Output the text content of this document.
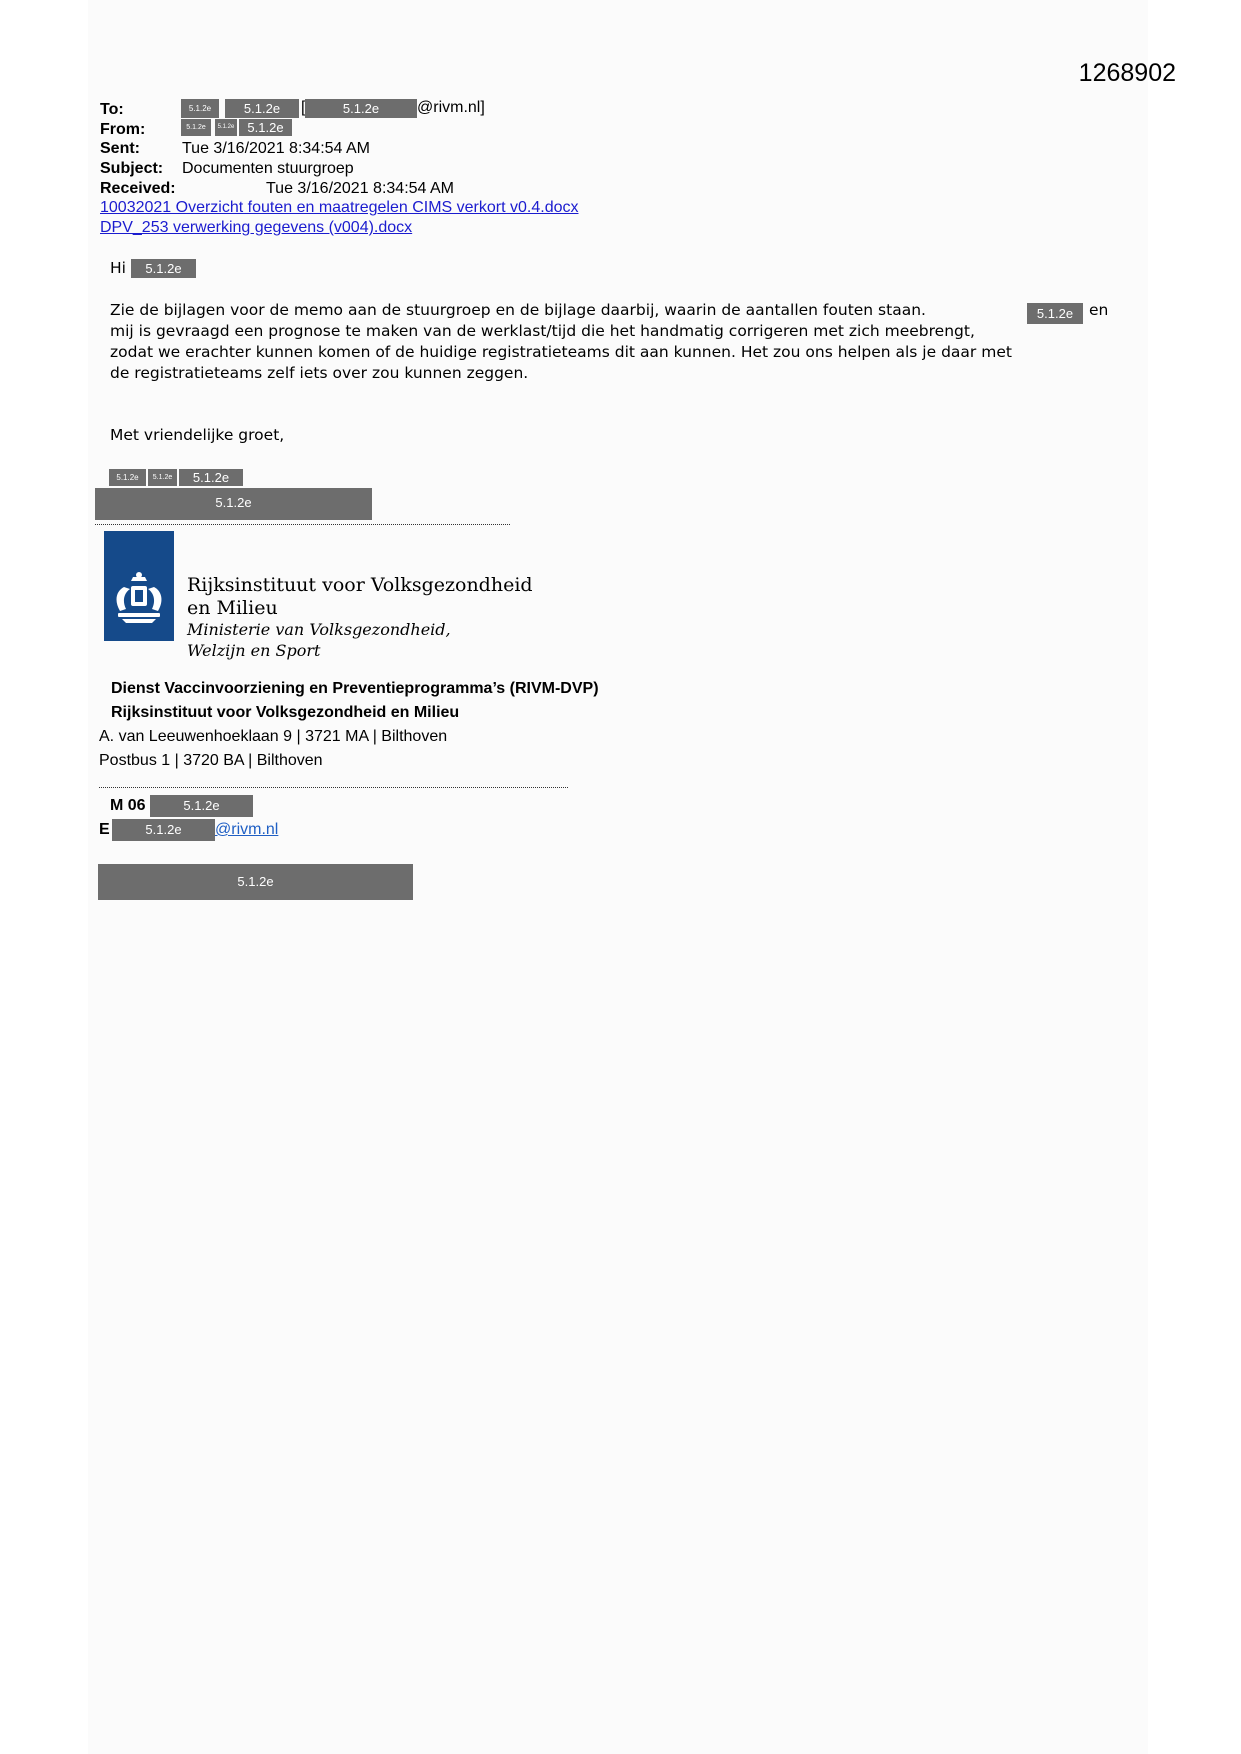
1268902
To:	5.1.2e	5.1.2e	[	5.1.2e	@rivm.nl]
From:	5.1.2e	5.1.2e	5.1.2e
Sent:	Tue 3/16/2021 8:34:54 AM
Subject: Documenten stuurgroep
Received:	Tue 3/16/2021 8:34:54 AM
10032021 Overzicht fouten en maatregelen CIMS verkort v0.4.docx
DPV_253 verwerking gegevens (v004).docx
Hi	5.1.2e
Zie de bijlagen voor de memo aan de stuurgroep en de bijlage daarbij, waarin de aantallen fouten staan.	5.1.2e	en
mij is gevraagd een prognose te maken van de werklast/tijd die het handmatig corrigeren met zich meebrengt,
zodat we erachter kunnen komen of de huidige registratieteams dit aan kunnen. Het zou ons helpen als je daar met
de registratieteams zelf iets over zou kunnen zeggen.
Met vriendelijke groet,
5.1.2e	5.1.2e	5.1.2e
5.1.2e
Rijksinstituut voor Volksgezondheid
en Milieu
Ministerie van Volksgezondheid,
Welzijn en Sport
Dienst Vaccinvoorziening en Preventieprogramma’s (RIVM-DVP)
Rijksinstituut voor Volksgezondheid en Milieu
A. van Leeuwenhoeklaan 9 | 3721 MA | Bilthoven
Postbus 1 | 3720 BA | Bilthoven
M 06	5.1.2e
E	5.1.2e	@rivm.nl
5.1.2e
